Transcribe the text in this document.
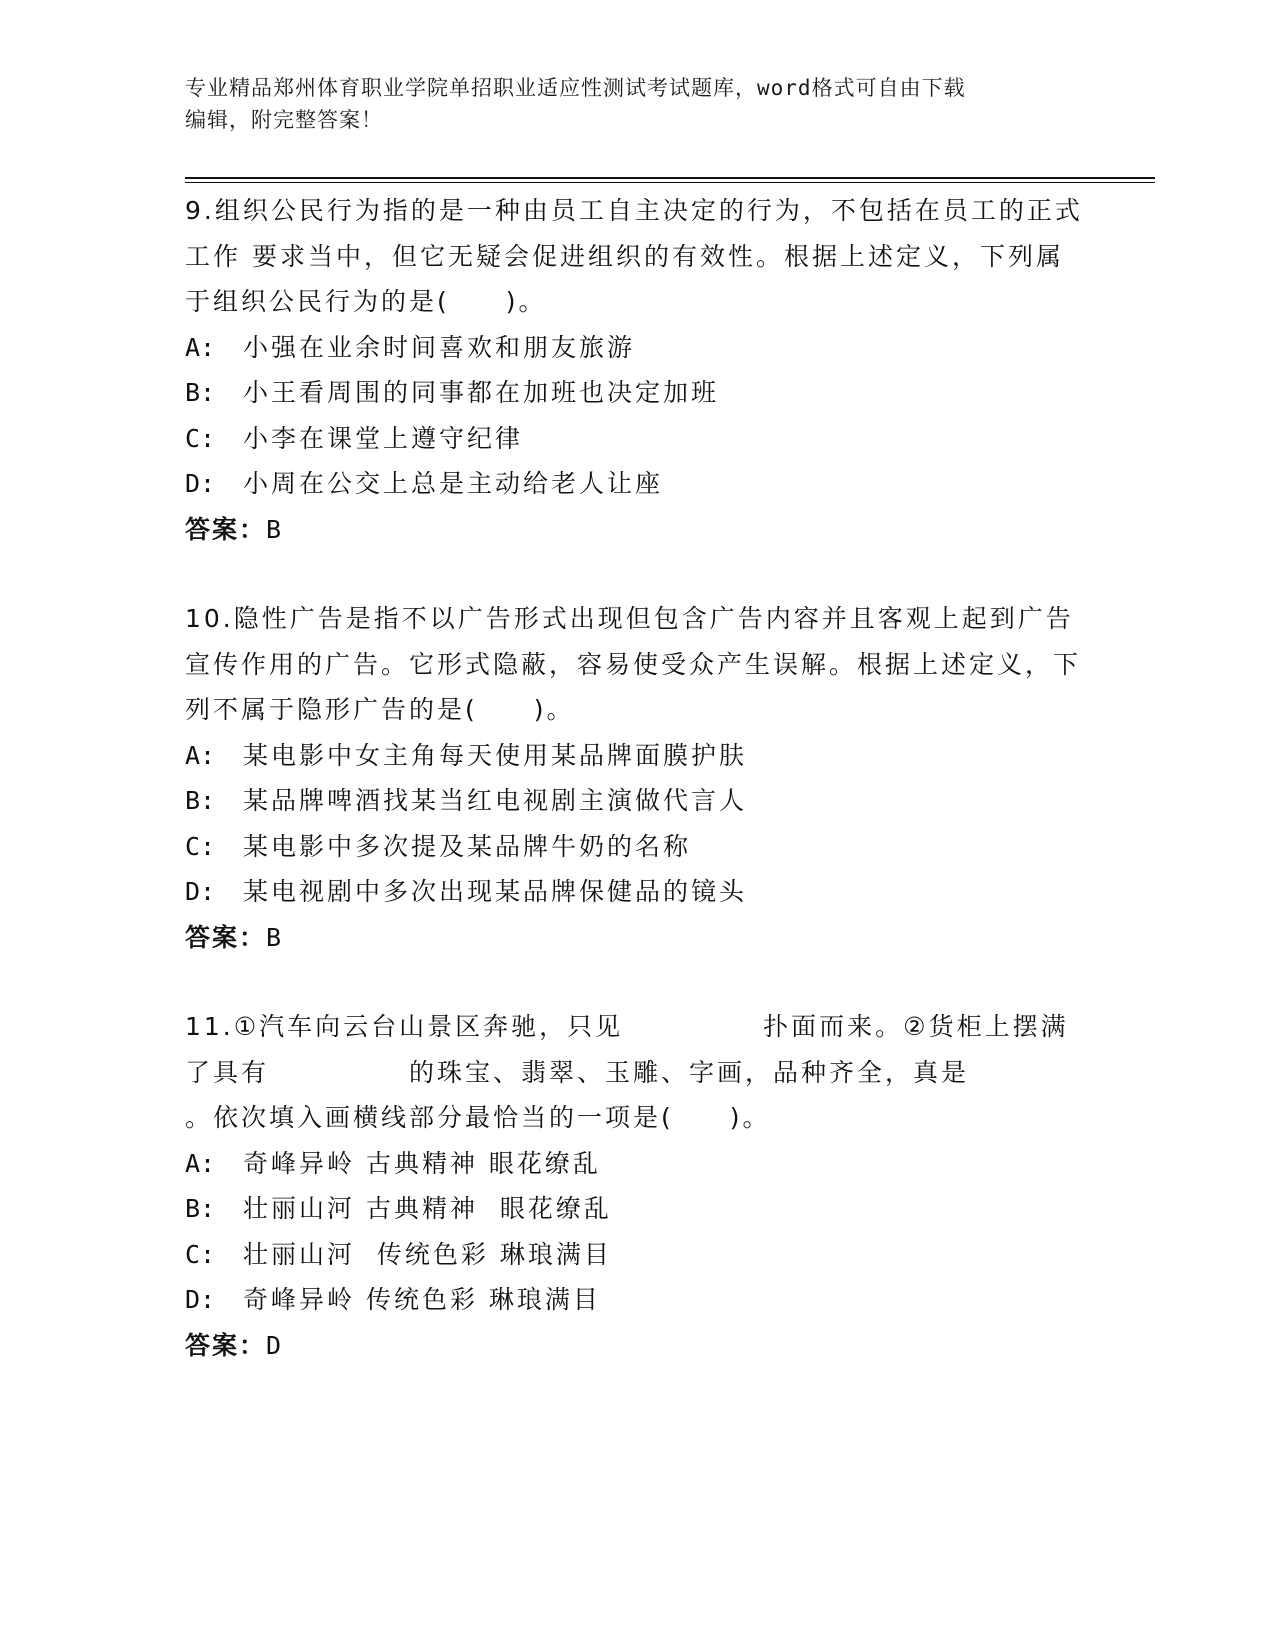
专业精品郑州体育职业学院单招职业适应性测试考试题库，word格式可自由下载
编辑，附完整答案！
9.组织公民行为指的是一种由员工自主决定的行为，不包括在员工的正式工作 要求当中，但它无疑会促进组织的有效性。根据上述定义，下列属于组织公民行为的是(　　)。
A: 小强在业余时间喜欢和朋友旅游
B: 小王看周围的同事都在加班也决定加班
C: 小李在课堂上遵守纪律
D: 小周在公交上总是主动给老人让座
答案：B
10.隐性广告是指不以广告形式出现但包含广告内容并且客观上起到广告宣传作用的广告。它形式隐蔽，容易使受众产生误解。根据上述定义，下列不属于隐形广告的是(　　)。
A: 某电影中女主角每天使用某品牌面膜护肤
B: 某品牌啤酒找某当红电视剧主演做代言人
C: 某电影中多次提及某品牌牛奶的名称
D: 某电视剧中多次出现某品牌保健品的镜头
答案：B
11.①汽车向云台山景区奔驰，只见　　　　　扑面而来。②货柜上摆满了具有　　　　　的珠宝、翡翠、玉雕、字画，品种齐全，真是　　　　　。依次填入画横线部分最恰当的一项是(　　)。
A: 奇峰异岭 古典精神 眼花缭乱
B: 壮丽山河 古典精神  眼花缭乱
C: 壮丽山河  传统色彩 琳琅满目
D: 奇峰异岭 传统色彩 琳琅满目
答案：D
